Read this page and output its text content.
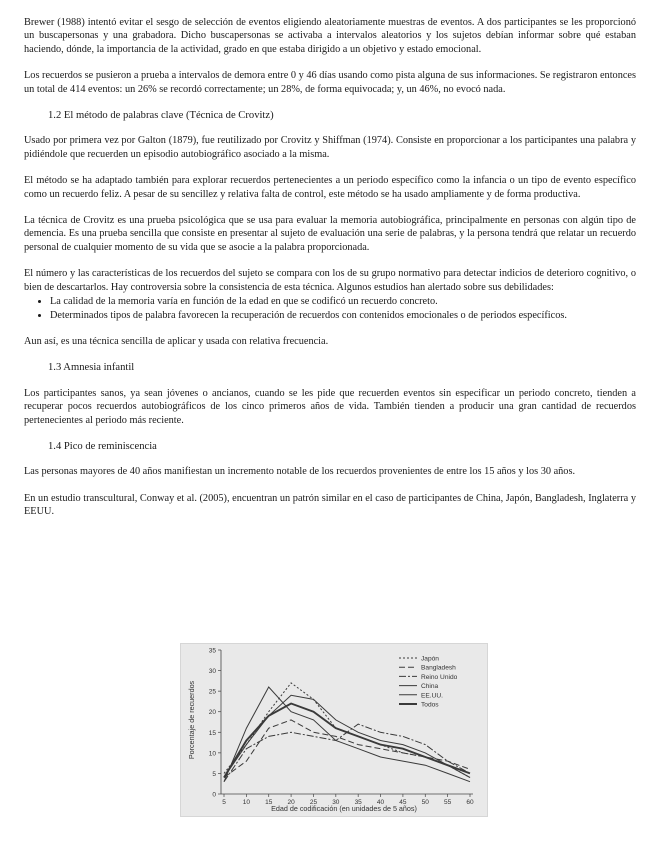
Brewer (1988) intentó evitar el sesgo de selección de eventos eligiendo aleatoriamente muestras de eventos. A dos participantes se les proporcionó un buscapersonas y una grabadora. Dicho buscapersonas se activaba a intervalos aleatorios y los sujetos debían informar sobre qué estaban haciendo, dónde, la importancia de la actividad, grado en que estaba dirigido a un objetivo y estado emocional.

Los recuerdos se pusieron a prueba a intervalos de demora entre 0 y 46 días usando como pista alguna de sus informaciones. Se registraron entonces un total de 414 eventos: un 26% se recordó correctamente; un 28%, de forma equivocada; y, un 46%, no evocó nada.

1.2 El método de palabras clave (Técnica de Crovitz)

Usado por primera vez por Galton (1879), fue reutilizado por Crovitz y Shiffman (1974). Consiste en proporcionar a los participantes una palabra y pidiéndole que recuerden un episodio autobiográfico asociado a la misma.

El método se ha adaptado también para explorar recuerdos pertenecientes a un periodo específico como la infancia o un tipo de evento específico como un recuerdo feliz. A pesar de su sencillez y relativa falta de control, este método se ha usado ampliamente y de forma productiva.

La técnica de Crovitz es una prueba psicológica que se usa para evaluar la memoria autobiográfica, principalmente en personas con algún tipo de demencia. Es una prueba sencilla que consiste en presentar al sujeto de evaluación una serie de palabras, y la persona tendrá que relatar un recuerdo personal de cualquier momento de su vida que se asocie a la palabra proporcionada.

El número y las características de los recuerdos del sujeto se compara con los de su grupo normativo para detectar indicios de deterioro cognitivo, o bien de descartarlos. Hay controversia sobre la consistencia de esta técnica. Algunos estudios han alertado sobre sus debilidades:

• La calidad de la memoria varía en función de la edad en que se codificó un recuerdo concreto.
• Determinados tipos de palabra favorecen la recuperación de recuerdos con contenidos emocionales o de periodos específicos.

Aun así, es una técnica sencilla de aplicar y usada con relativa frecuencia.

1.3 Amnesia infantil

Los participantes sanos, ya sean jóvenes o ancianos, cuando se les pide que recuerden eventos sin especificar un periodo concreto, tienden a recuperar pocos recuerdos autobiográficos de los cinco primeros años de vida. También tienden a producir una gran cantidad de recuerdos pertenecientes al periodo más reciente.

1.4 Pico de reminiscencia

Las personas mayores de 40 años manifiestan un incremento notable de los recuerdos provenientes de entre los 15 años y los 30 años.

En un estudio transcultural, Conway et al. (2005), encuentran un patrón similar en el caso de participantes de China, Japón, Bangladesh, Inglaterra y EEUU.

0
5
10
15
20
25
30
35
5	10 15 20 25 30 35 40 45 50 55 60
Japón
Bangladesh
Reino Unido
China
EE.UU.
Todos
Porcentaje de recuerdos
Edad de codificación (en unidades de 5 años)
